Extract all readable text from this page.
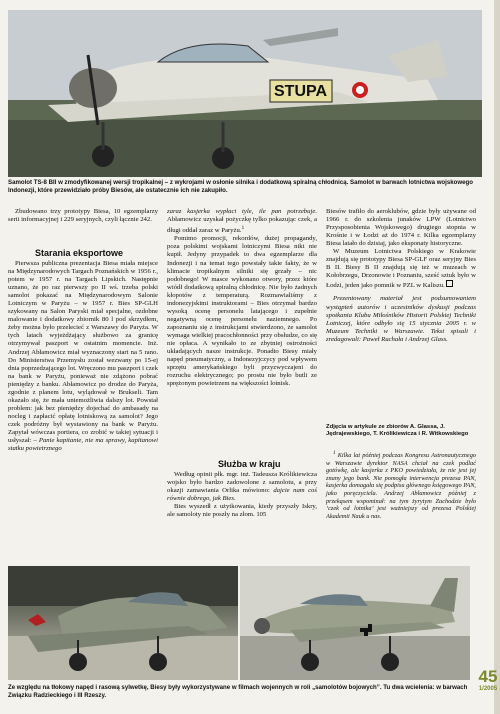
STUPA
Samolot TS-8 BII w zmodyfikowanej wersji tropikalnej – z wykrojami w osłonie silnika i dodatkową spiralną chłodnicą. Samolot w barwach lotnictwa wojskowego Indonezji, które przewidziało próby Biesów, ale ostatecznie ich nie zakupiło.

Zbudowano trzy prototypy Biesa, 10 egzemplarzy serii informacyjnej i 229 seryjnych, czyli łącznie 242.

Starania eksportowe

Pierwsza publiczna prezentacja Biesa miała miejsce na Międzynarodowych Targach Poznańskich w 1956 r., potem w 1957 r. na Targach Lipskich. Następnie uznano, że po raz pierwszy po II wś. trzeba polski samolot pokazać na Międzynarodowym Salonie Lotniczym w Paryżu – w 1957 r. Bies SP-GLH szykowany na Salon Paryski miał specjalne, ozdobne malowanie i dodatkowy zbiornik 80 l pod skrzydłem, żeby można było przelecieć z Warszawy do Paryża. W tych latach wyjeżdżający służbowo za granicę otrzymywał paszport w ostatnim momencie. Inż. Andrzej Abłamowicz miał wyznaczony start na 5 rano. Do Ministerstwa Przemysłu został wezwany po 15-ej dnia poprzedzającego lot. Wręczono mu paszport i czek na bank w Paryżu, ponieważ nie zdążono pobrać pieniędzy z banku. Abłamowicz po drodze do Paryża, zgodnie z planem lotu, wylądował w Brukseli. Tam okazało się, że mała uniemożliwia dalszy lot. Powstał problem: jak bez pieniędzy dojechać do ambasady na nocleg i zapłacić opłatę lotniskową za samolot? Jego czek podróżny był wystawiony na bank w Paryżu. Zapytał wówczas portiera, co zrobić w takiej sytuacji i usłyszał: – Panie kapitanie, nie ma sprawy, kapitanowi statku powietrznego

zaraz kasjerka wypłaci tyle, ile pan potrzebuje. Abłamowicz uzyskał pożyczkę tylko pokazując czek, a długi oddał zaraz w Paryżu.$^1$

Pomimo promocji, rekordów, dużej propagandy, poza polskimi wojskami lotniczymi Biesa nikt nie kupił. Jedyny przypadek to dwa egzemplarze dla Indonezji i na temat tego powstały takie fakty, że w klimacie tropikalnym silniki się grzały – nic podobnego! W masce wykonano otwory, przez które wiódł dodatkową spiralną chłodnicę. Nie było żadnych kłopotów z temperaturą. Rozmawialiśmy z indonezyjskimi instruktorami – Bies otrzymał bardzo wysoką ocenę personelu latającego i zupełnie negatywną ocenę personelu naziemnego. Po zapoznaniu się z instrukcjami stwierdzono, że samolot wymaga wielkiej pracochłonności przy obsłudze, co się nie opłaca. A wynikało to ze zbytniej ostrożności układających nasze instrukcje. Ponadto Biesy miały napęd pneumatyczny, a Indonezyjczycy pod wpływem sprzętu amerykańskiego byli przyzwyczajeni do rozruchu elektrycznego; po prostu nie było butli ze sprężonym powietrzem na większości lotnisk.

Służba w kraju

Według opinii płk. mgr. inż. Tadeusza Królikiewicza wojsko było bardzo zadowolone z samolotu, a przy okazji zamawiania Orlika mówiono: dajcie nam coś równie dobrego, jak Bies.

Bies wyszedł z użytkowania, kiedy przyszły Iskry, ale samoloty nie poszły na złom. 105

Biesów trafiło do aeroklubów, gdzie były używane od 1966 r. do szkolenia junaków LPW (Lotnictwo Przysposobienia Wojskowego) drugiego stopnia w Krośnie i w Łodzi aż do 1974 r. Kilka egzemplarzy Biesa latało do dzisiaj, jako eksponaty historyczne.

W Muzeum Lotnictwa Polskiego w Krakowie znajdują się prototypy Biesa SP-GLF oraz seryjny Bies B II. Biesy B II znajdują się też w muzeach w Kołobrzegu, Drzonowie i Poznaniu, sześć sztuk było w Łodzi, jeden jako pomnik w PZL w Kaliszu.

Prezentowany materiał jest podsumowaniem wystąpień autorów i uczestników dyskusji podczas spotkania Klubu Miłośników Historii Polskiej Techniki Lotniczej, które odbyło się 15 stycznia 2005 r. w Muzeum Techniki w Warszawie. Tekst spisali i zredagowali: Paweł Ruchała i Andrzej Glass.

Zdjęcia w artykule ze zbiorów A. Glassa, J. Jędrajewskiego, T. Królikiewicza i R. Witkowskiego

$^1$ Kilka lat później podczas Kongresu Astronautycznego w Warszawie dyrektor NASA chciał na czek podlać gotówkę, ale kasjerka z PKO powiedziała, że nie jest jej znany jego bank. Nie pomogła interwencja prezesa PAN, kasjerka domagała się podpisu głównego księgowego PAN, jako poręczyciela. Andrzej Abłamowicz później z przekąsem wspominał: na tym żyrytym Zachodzie było ‘czek od lotnika’ jest ważniejszy od prezesa Polskiej Akademii Nauk u nas.

Ze względu na tłokowy napęd i rasową sylwetkę, Biesy były wykorzystywane w filmach wojennych w roli „samolotów bojowych”. Tu dwa wcielenia: w barwach Związku Radzieckiego i III Rzeszy.
45
1/2005
